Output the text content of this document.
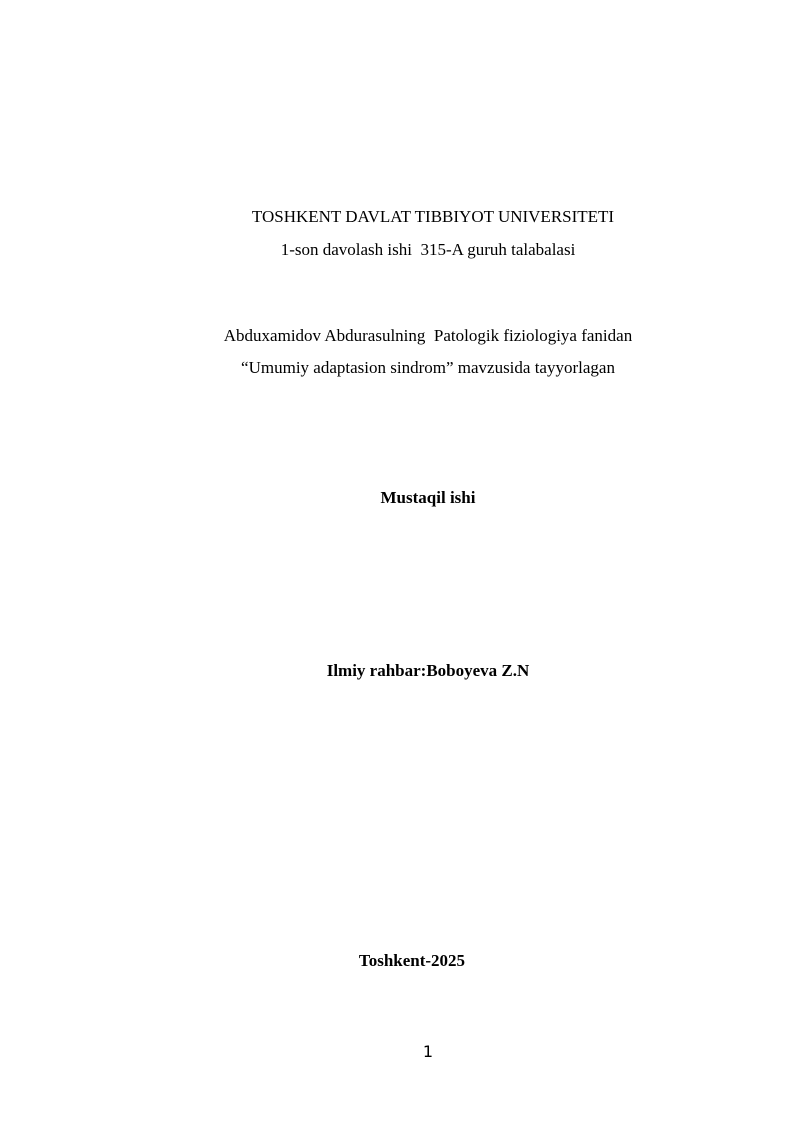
TOSHKENT DAVLAT TIBBIYOT UNIVERSITETI
1-son davolash ishi  315-A guruh talabalasi
Abduxamidov Abdurasulning  Patologik fiziologiya fanidan
“Umumiy adaptasion sindrom” mavzusida tayyorlagan
Mustaqil ishi
Ilmiy rahbar:Boboyeva Z.N
Toshkent-2025
1
